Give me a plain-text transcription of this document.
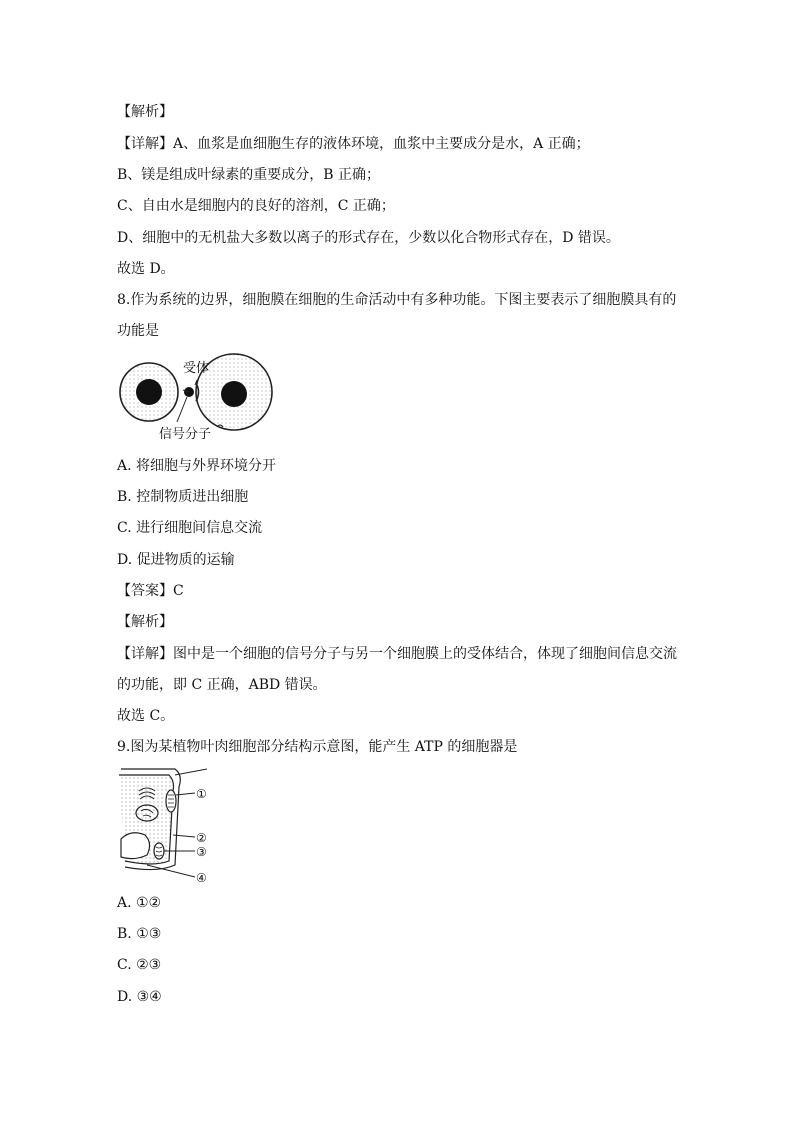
【解析】
【详解】A、血浆是血细胞生存的液体环境，血浆中主要成分是水，A 正确；
B、镁是组成叶绿素的重要成分，B 正确；
C、自由水是细胞内的良好的溶剂，C 正确；
D、细胞中的无机盐大多数以离子的形式存在，少数以化合物形式存在，D 错误。
故选 D。
8.作为系统的边界，细胞膜在细胞的生命活动中有多种功能。下图主要表示了细胞膜具有的
功能是
受体
信号分子
A. 将细胞与外界环境分开
B. 控制物质进出细胞
C. 进行细胞间信息交流
D. 促进物质的运输
【答案】C
【解析】
【详解】图中是一个细胞的信号分子与另一个细胞膜上的受体结合，体现了细胞间信息交流
的功能，即 C 正确，ABD 错误。
故选 C。
9.图为某植物叶肉细胞部分结构示意图，能产生 ATP 的细胞器是
①
②
③
④
A. ①②
B. ①③
C. ②③
D. ③④
